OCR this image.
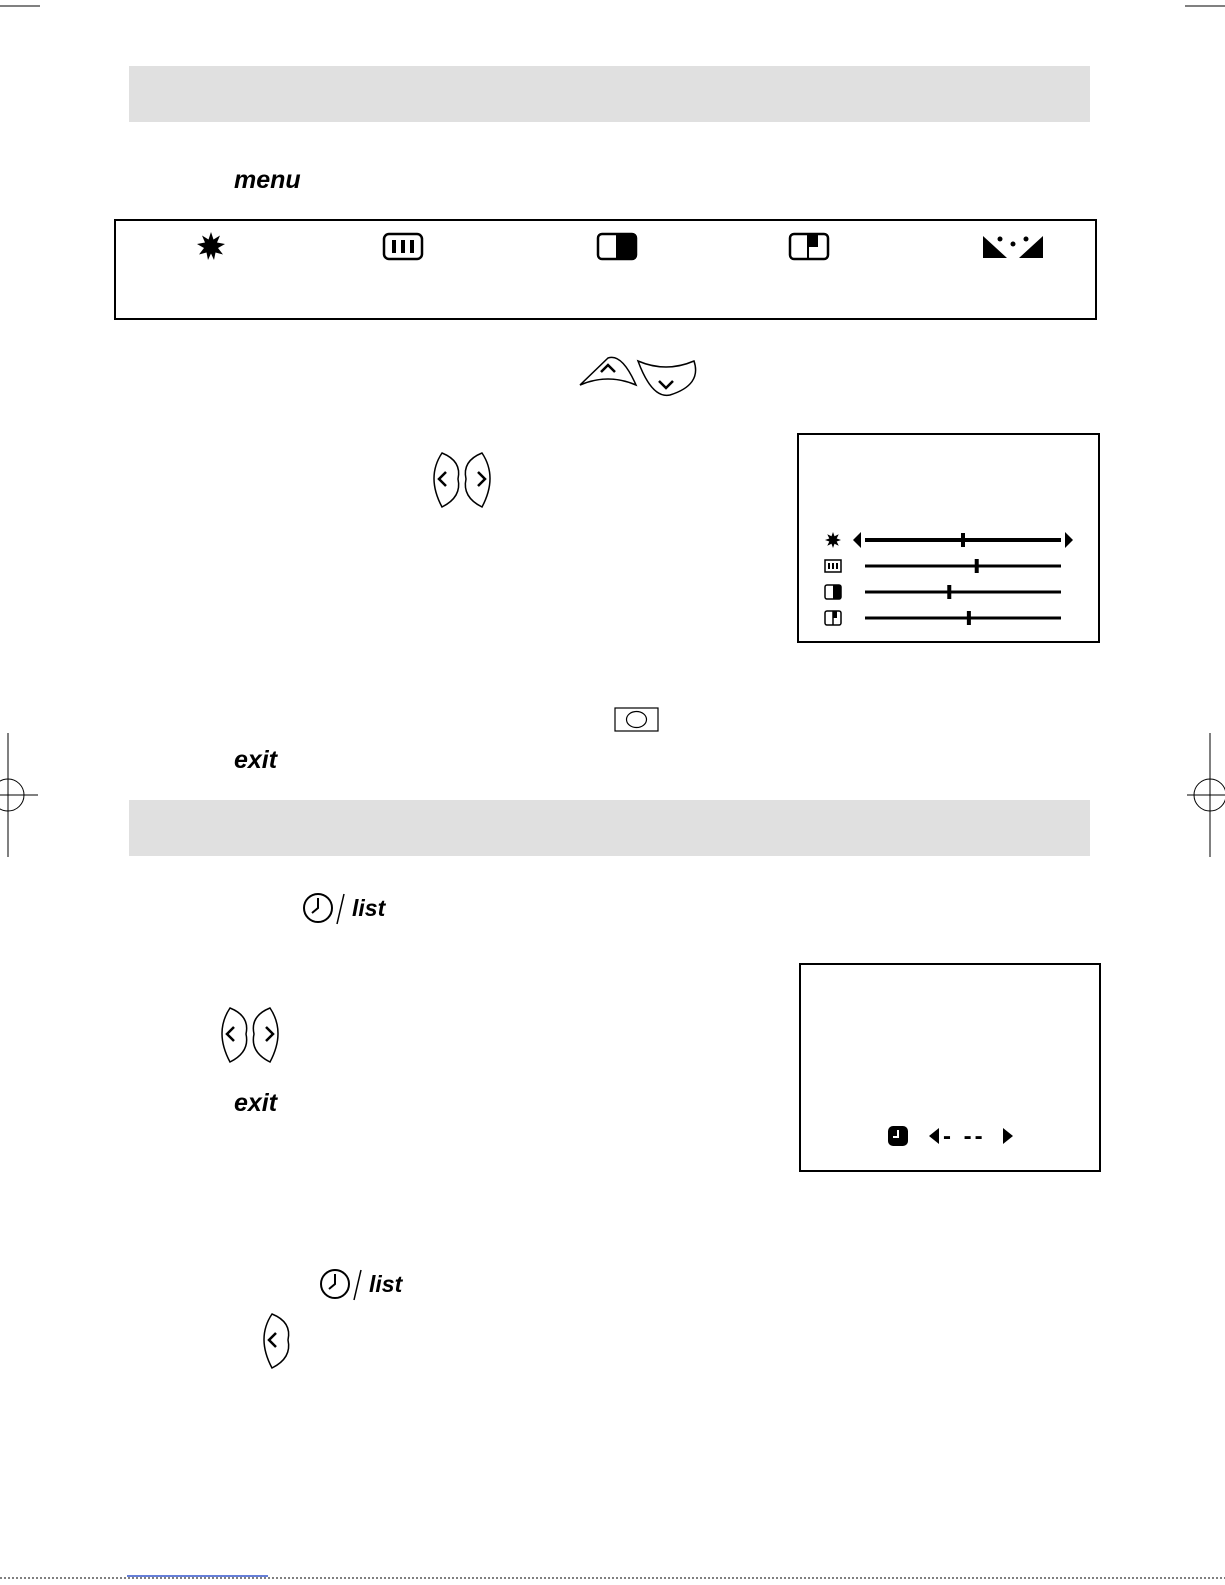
menu
exit
list
exit
- --
list
